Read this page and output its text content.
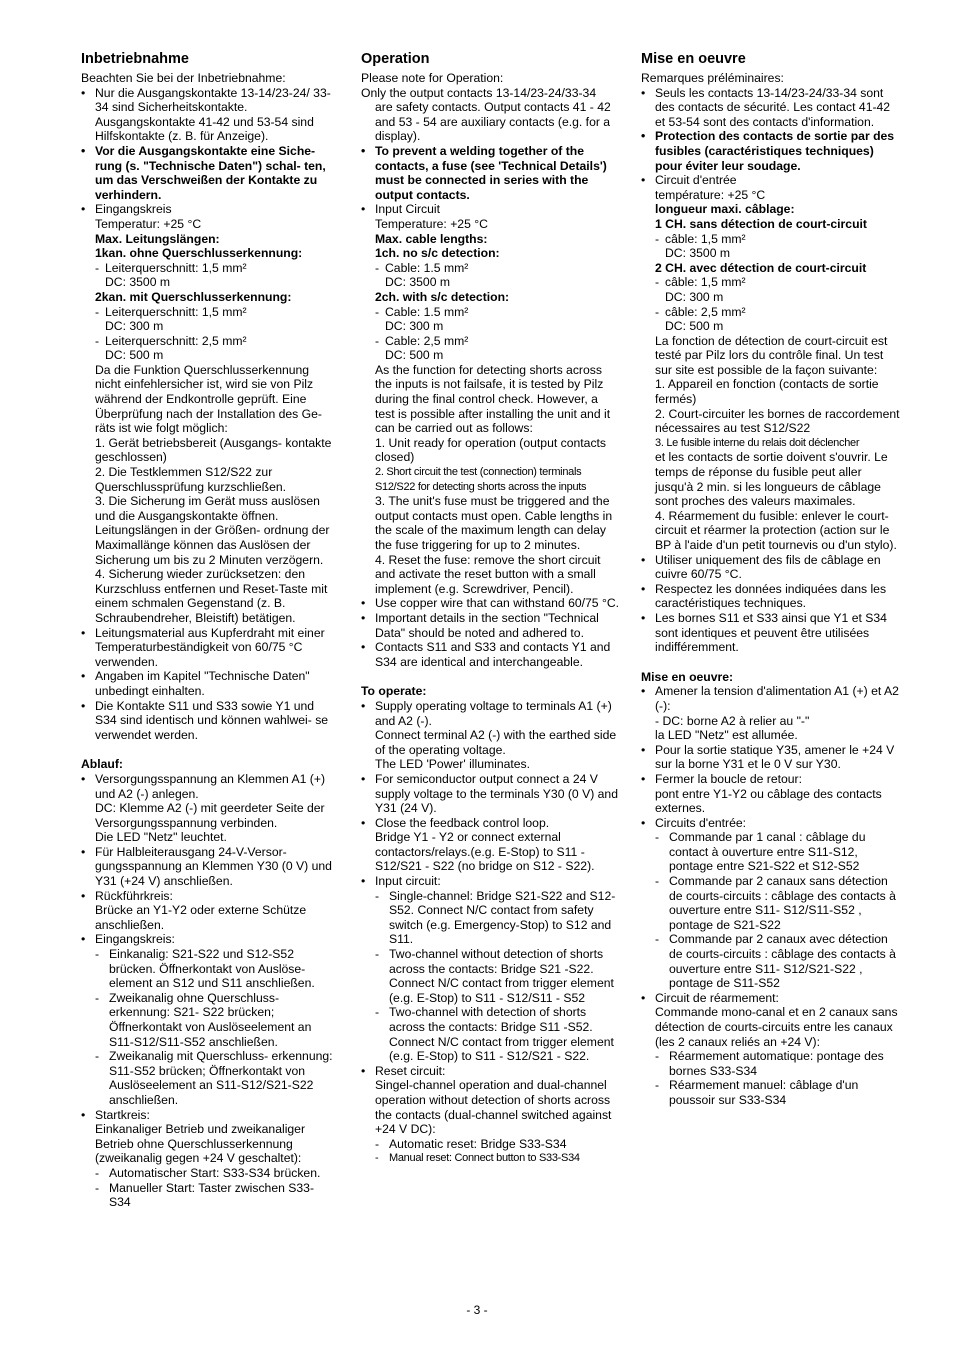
Inbetriebnahme

Beachten Sie bei der Inbetriebnahme:

• Nur die Ausgangskontakte 13-14/23-24/ 33-34 sind Sicherheitskontakte. Ausgangskontakte 41-42 und 53-54 sind Hilfskontakte (z. B. für Anzeige).
• Vor die Ausgangskontakte eine Siche- rung (s. "Technische Daten") schal- ten, um das Verschweißen der Kontakte zu verhindern.
• Eingangskreis
Temperatur: +25 °C
Max. Leitungslängen:
1kan. ohne Querschlusserkennung:
- Leiterquerschnitt: 1,5 mm²
DC: 3500 m
2kan. mit Querschlusserkennung:
- Leiterquerschnitt: 1,5 mm²
DC: 300 m
- Leiterquerschnitt: 2,5 mm²
DC: 500 m
Da die Funktion Querschlusserkennung nicht einfehlersicher ist, wird sie von Pilz während der Endkontrolle geprüft. Eine Überprüfung nach der Installation des Ge- räts ist wie folgt möglich:
1. Gerät betriebsbereit (Ausgangs- kontakte geschlossen)
2. Die Testklemmen S12/S22 zur Querschlussprüfung kurzschließen.
3. Die Sicherung im Gerät muss auslösen und die Ausgangskontakte öffnen. Leitungslängen in der Größen- ordnung der Maximallänge können das Auslösen der Sicherung um bis zu 2 Minuten verzögern.
4. Sicherung wieder zurücksetzen: den Kurzschluss entfernen und Reset-Taste mit einem schmalen Gegenstand (z. B. Schraubendreher, Bleistift) betätigen.
• Leitungsmaterial aus Kupferdraht mit einer Temperaturbeständigkeit von 60/75 °C verwenden.
• Angaben im Kapitel "Technische Daten" unbedingt einhalten.
• Die Kontakte S11 und S33 sowie Y1 und S34 sind identisch und können wahlwei- se verwendet werden.

Ablauf:

• Versorgungsspannung an Klemmen A1 (+) und A2 (-) anlegen.
DC: Klemme A2 (-) mit geerdeter Seite der Versorgungsspannung verbinden.
Die LED "Netz" leuchtet.
• Für Halbleiterausgang 24-V-Versor- gungsspannung an Klemmen Y30 (0 V) und Y31 (+24 V) anschließen.
• Rückführkreis:
Brücke an Y1-Y2 oder externe Schütze anschließen.
• Eingangskreis:
- Einkanalig: S21-S22 und S12-S52 brücken. Öffnerkontakt von Auslöse- element an S12 und S11 anschließen.
- Zweikanalig ohne Querschluss- erkennung: S21- S22 brücken; Öffnerkontakt von Auslöseelement an S11-S12/S11-S52 anschließen.
- Zweikanalig mit Querschluss- erkennung: S11-S52 brücken; Öffnerkontakt von Auslöseelement an S11-S12/S21-S22 anschließen.
• Startkreis:
Einkanaliger Betrieb und zweikanaliger Betrieb ohne Querschlusserkennung (zweikanalig gegen +24 V geschaltet):
- Automatischer Start: S33-S34 brücken.
- Manueller Start: Taster zwischen S33- S34
Operation

Please note for Operation:

Only the output contacts 13-14/23-24/33-34

are safety contacts. Output contacts 41 - 42 and 53 - 54 are auxiliary contacts (e.g. for a display).

• To prevent a welding together of the contacts, a fuse (see 'Technical Details') must be connected in series with the output contacts.
• Input Circuit
Temperature: +25 °C
Max. cable lengths:
1ch. no s/c detection:
- Cable: 1.5 mm²
DC: 3500 m
2ch. with s/c detection:
- Cable: 1.5 mm²
DC: 300 m
- Cable: 2,5 mm²
DC: 500 m
As the function for detecting shorts across the inputs is not failsafe, it is tested by Pilz during the final control check. However, a test is possible after installing the unit and it can be carried out as follows:
1. Unit ready for operation (output contacts closed)
2. Short circuit the test (connection) terminals S12/S22 for detecting shorts across the inputs
3. The unit's fuse must be triggered and the output contacts must open. Cable lengths in the scale of the maximum length can delay the fuse triggering for up to 2 minutes.
4. Reset the fuse: remove the short circuit and activate the reset button with a small implement (e.g. Screwdriver, Pencil).
• Use copper wire that can withstand 60/75 °C.
• Important details in the section "Technical Data" should be noted and adhered to.
• Contacts S11 and S33 and contacts Y1 and S34 are identical and interchangeable.

To operate:

• Supply operating voltage to terminals A1 (+) and A2 (-).
Connect terminal A2 (-) with the earthed side of the operating voltage.
The LED 'Power' illuminates.
• For semiconductor output connect a 24 V supply voltage to the terminals Y30 (0 V) and Y31 (24 V).
• Close the feedback control loop.
Bridge Y1 - Y2 or connect external contactors/relays.(e.g. E-Stop) to S11 - S12/S21 - S22 (no bridge on S12 - S22).
• Input circuit:
- Single-channel: Bridge S21-S22 and S12-S52. Connect N/C contact from safety switch (e.g. Emergency-Stop) to S12 and S11.
- Two-channel without detection of shorts across the contacts: Bridge S21 -S22. Connect N/C contact from trigger element (e.g. E-Stop) to S11 - S12/S11 - S52
- Two-channel with detection of shorts across the contacts: Bridge S11 -S52. Connect N/C contact from trigger element (e.g. E-Stop) to S11 - S12/S21 - S22.
• Reset circuit:
Singel-channel operation and dual-channel operation without detection of shorts across the contacts (dual-channel switched against +24 V DC):
- Automatic reset: Bridge S33-S34
- Manual reset: Connect button to S33-S34
Mise en oeuvre

Remarques préléminaires:

• Seuls les contacts 13-14/23-24/33-34 sont des contacts de sécurité. Les contact 41-42 et 53-54 sont des contacts d'information.
• Protection des contacts de sortie par des fusibles (caractéristiques techniques) pour éviter leur soudage.
• Circuit d'entrée
température: +25 °C
longueur maxi. câblage:
1 CH. sans détection de court-circuit
- câble: 1,5 mm²
DC: 3500 m
2 CH. avec détection de court-circuit
- câble: 1,5 mm²
DC: 300 m
- câble: 2,5 mm²
DC: 500 m
La fonction de détection de court-circuit est testé par Pilz lors du contrôle final. Un test sur site est possible de la façon suivante:
1. Appareil en fonction (contacts de sortie fermés)
2. Court-circuiter les bornes de raccordement nécessaires au test S12/S22
3. Le fusible interne du relais doit déclencher
et les contacts de sortie doivent s'ouvrir. Le temps de réponse du fusible peut aller jusqu'à 2 min. si les longueurs de câblage sont proches des valeurs maximales.
4. Réarmement du fusible: enlever le court-circuit et réarmer la protection (action sur le BP à l'aide d'un petit tournevis ou d'un stylo).
• Utiliser uniquement des fils de câblage en cuivre 60/75 °C.
• Respectez les données indiquées dans les caractéristiques techniques.
• Les bornes S11 et S33 ainsi que Y1 et S34 sont identiques et peuvent être utilisées indifféremment.

Mise en oeuvre:

• Amener la tension d'alimentation A1 (+) et A2 (-):
- DC: borne A2 à relier au "-"
la LED "Netz" est allumée.
• Pour la sortie statique Y35, amener le +24 V sur la borne Y31 et le 0 V sur Y30.
• Fermer la boucle de retour:
pont entre Y1-Y2 ou câblage des contacts externes.
• Circuits d'entrée:
- Commande par 1 canal : câblage du contact à ouverture entre S11-S12, pontage entre S21-S22 et S12-S52
- Commande par 2 canaux sans détection de courts-circuits : câblage des contacts à ouverture entre S11- S12/S11-S52 , pontage de S21-S22
- Commande par 2 canaux avec détection de courts-circuits : câblage des contacts à ouverture entre S11- S12/S21-S22 , pontage de S11-S52
• Circuit de réarmement:
Commande mono-canal et en 2 canaux sans détection de courts-circuits entre les canaux (les 2 canaux reliés an +24 V):
- Réarmement automatique: pontage des bornes S33-S34
- Réarmement manuel: câblage d'un poussoir sur S33-S34
- 3 -
